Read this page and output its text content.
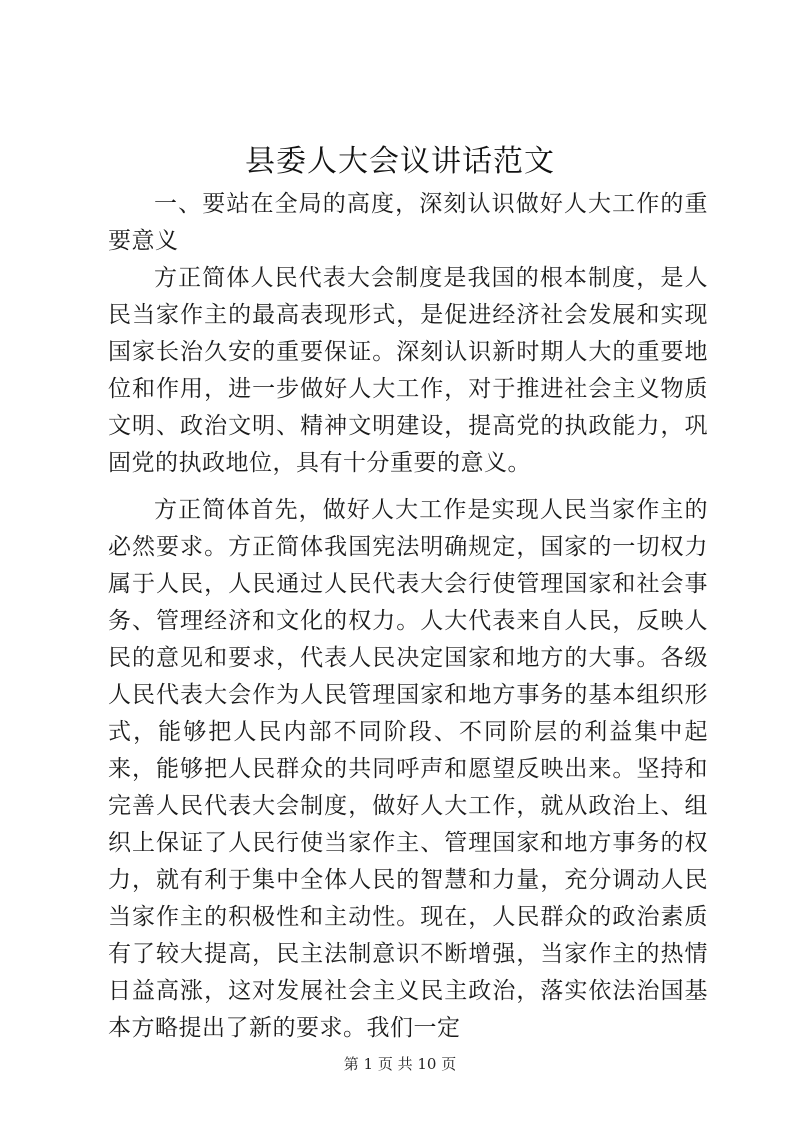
县委人大会议讲话范文

一、要站在全局的高度，深刻认识做好人大工作的重要意义

方正简体人民代表大会制度是我国的根本制度，是人民当家作主的最高表现形式，是促进经济社会发展和实现国家长治久安的重要保证。深刻认识新时期人大的重要地位和作用，进一步做好人大工作，对于推进社会主义物质文明、政治文明、精神文明建设，提高党的执政能力，巩固党的执政地位，具有十分重要的意义。

方正简体首先，做好人大工作是实现人民当家作主的必然要求。方正简体我国宪法明确规定，国家的一切权力属于人民，人民通过人民代表大会行使管理国家和社会事务、管理经济和文化的权力。人大代表来自人民，反映人民的意见和要求，代表人民决定国家和地方的大事。各级人民代表大会作为人民管理国家和地方事务的基本组织形式，能够把人民内部不同阶段、不同阶层的利益集中起来，能够把人民群众的共同呼声和愿望反映出来。坚持和完善人民代表大会制度，做好人大工作，就从政治上、组织上保证了人民行使当家作主、管理国家和地方事务的权力，就有利于集中全体人民的智慧和力量，充分调动人民当家作主的积极性和主动性。现在，人民群众的政治素质有了较大提高，民主法制意识不断增强，当家作主的热情日益高涨，这对发展社会主义民主政治，落实依法治国基本方略提出了新的要求。我们一定

第 1 页 共 10 页
